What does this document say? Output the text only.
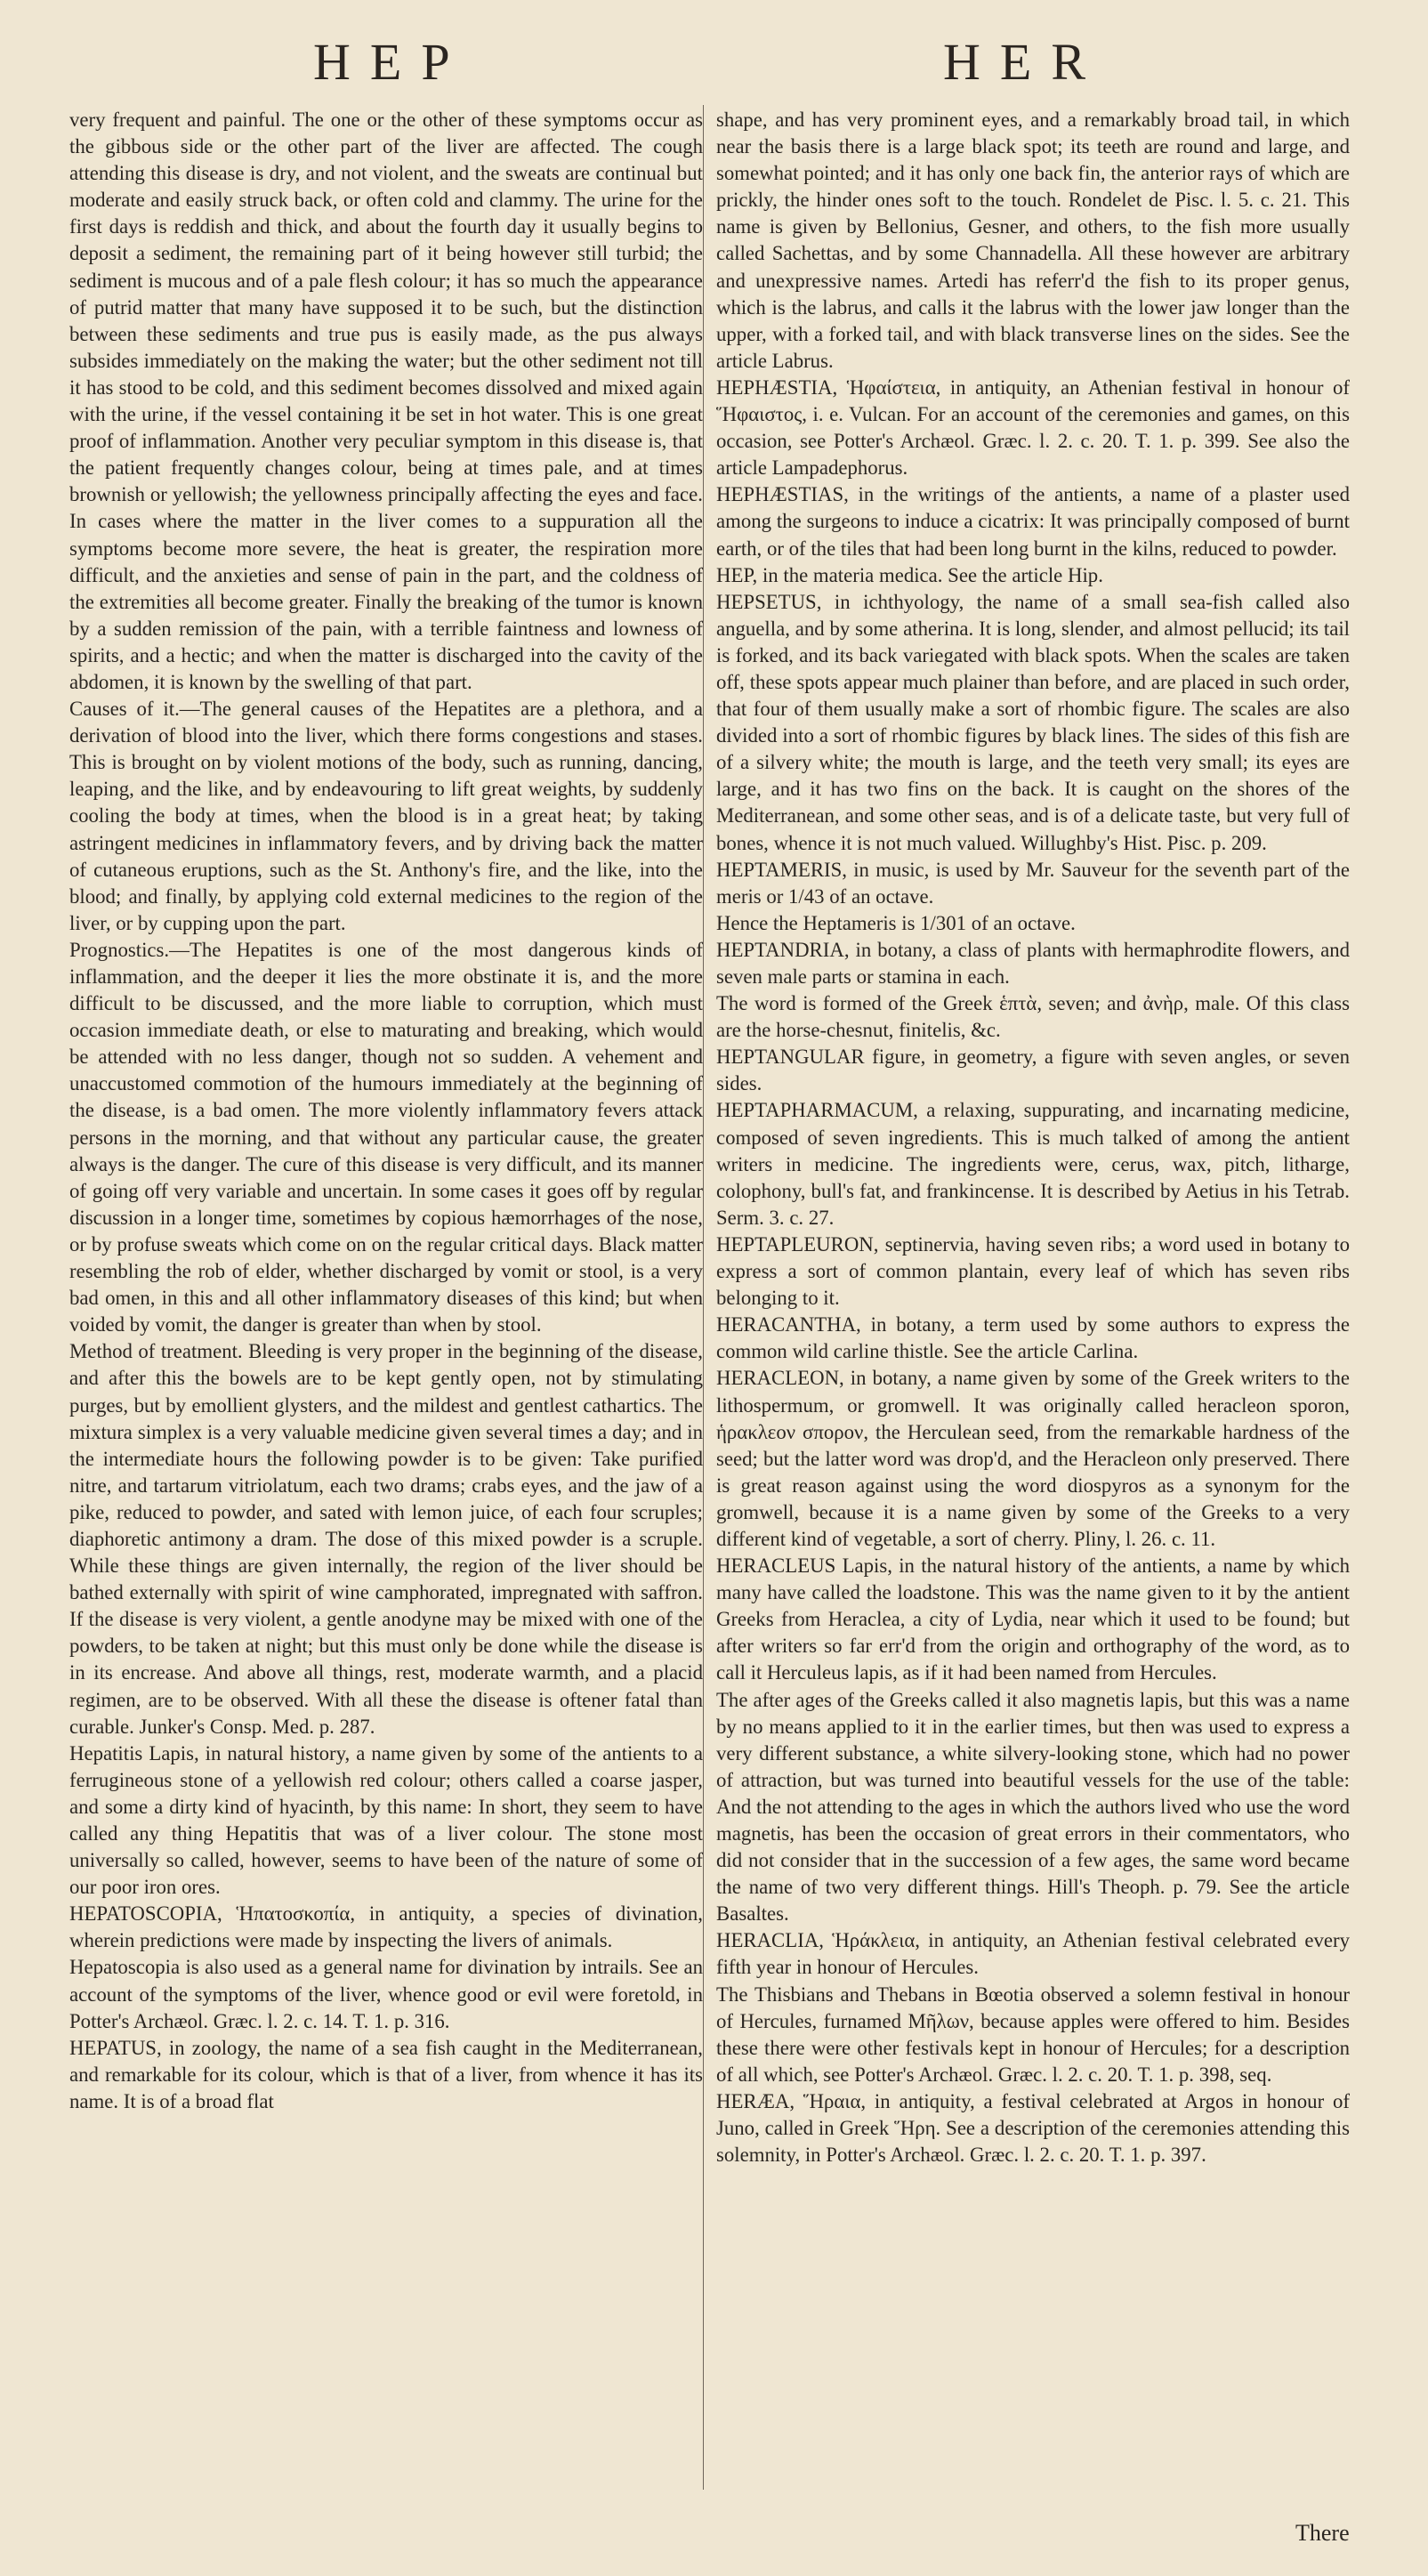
HEP	HER

very frequent and painful. The one or the other of these symptoms occur as the gibbous side or the other part of the liver are affected. The cough attending this disease is dry, and not violent, and the sweats are continual but moderate and easily struck back, or often cold and clammy. The urine for the first days is reddish and thick, and about the fourth day it usually begins to deposit a sediment, the remaining part of it being however still turbid; the sediment is mucous and of a pale flesh colour; it has so much the appearance of putrid matter that many have supposed it to be such, but the distinction between these sediments and true pus is easily made, as the pus always subsides immediately on the making the water; but the other sediment not till it has stood to be cold, and this sediment becomes dissolved and mixed again with the urine, if the vessel containing it be set in hot water. This is one great proof of inflammation. Another very peculiar symptom in this disease is, that the patient frequently changes colour, being at times pale, and at times brownish or yellowish; the yellowness principally affecting the eyes and face. In cases where the matter in the liver comes to a suppuration all the symptoms become more severe, the heat is greater, the respiration more difficult, and the anxieties and sense of pain in the part, and the coldness of the extremities all become greater. Finally the breaking of the tumor is known by a sudden remission of the pain, with a terrible faintness and lowness of spirits, and a hectic; and when the matter is discharged into the cavity of the abdomen, it is known by the swelling of that part.

Causes of it.—The general causes of the Hepatites are a plethora, and a derivation of blood into the liver, which there forms congestions and stases. This is brought on by violent motions of the body, such as running, dancing, leaping, and the like, and by endeavouring to lift great weights, by suddenly cooling the body at times, when the blood is in a great heat; by taking astringent medicines in inflammatory fevers, and by driving back the matter of cutaneous eruptions, such as the St. Anthony's fire, and the like, into the blood; and finally, by applying cold external medicines to the region of the liver, or by cupping upon the part.

Prognostics.—The Hepatites is one of the most dangerous kinds of inflammation, and the deeper it lies the more obstinate it is, and the more difficult to be discussed, and the more liable to corruption, which must occasion immediate death, or else to maturating and breaking, which would be attended with no less danger, though not so sudden. A vehement and unaccustomed commotion of the humours immediately at the beginning of the disease, is a bad omen. The more violently inflammatory fevers attack persons in the morning, and that without any particular cause, the greater always is the danger. The cure of this disease is very difficult, and its manner of going off very variable and uncertain. In some cases it goes off by regular discussion in a longer time, sometimes by copious hæmorrhages of the nose, or by profuse sweats which come on on the regular critical days. Black matter resembling the rob of elder, whether discharged by vomit or stool, is a very bad omen, in this and all other inflammatory diseases of this kind; but when voided by vomit, the danger is greater than when by stool.

Method of treatment. Bleeding is very proper in the beginning of the disease, and after this the bowels are to be kept gently open, not by stimulating purges, but by emollient glysters, and the mildest and gentlest cathartics. The mixtura simplex is a very valuable medicine given several times a day; and in the intermediate hours the following powder is to be given: Take purified nitre, and tartarum vitriolatum, each two drams; crabs eyes, and the jaw of a pike, reduced to powder, and sated with lemon juice, of each four scruples; diaphoretic antimony a dram. The dose of this mixed powder is a scruple. While these things are given internally, the region of the liver should be bathed externally with spirit of wine camphorated, impregnated with saffron. If the disease is very violent, a gentle anodyne may be mixed with one of the powders, to be taken at night; but this must only be done while the disease is in its encrease. And above all things, rest, moderate warmth, and a placid regimen, are to be observed. With all these the disease is oftener fatal than curable. Junker's Consp. Med. p. 287.

Hepatitis Lapis, in natural history, a name given by some of the antients to a ferrugineous stone of a yellowish red colour; others called a coarse jasper, and some a dirty kind of hyacinth, by this name: In short, they seem to have called any thing Hepatitis that was of a liver colour. The stone most universally so called, however, seems to have been of the nature of some of our poor iron ores.

HEPATOSCOPIA, Ἡπατοσκοπία, in antiquity, a species of divination, wherein predictions were made by inspecting the livers of animals.

Hepatoscopia is also used as a general name for divination by intrails. See an account of the symptoms of the liver, whence good or evil were foretold, in Potter's Archæol. Græc. l. 2. c. 14. T. 1. p. 316.

HEPATUS, in zoology, the name of a sea fish caught in the Mediterranean, and remarkable for its colour, which is that of a liver, from whence it has its name. It is of a broad flat

shape, and has very prominent eyes, and a remarkably broad tail, in which near the basis there is a large black spot; its teeth are round and large, and somewhat pointed; and it has only one back fin, the anterior rays of which are prickly, the hinder ones soft to the touch. Rondelet de Pisc. l. 5. c. 21. This name is given by Bellonius, Gesner, and others, to the fish more usually called Sachettas, and by some Channadella. All these however are arbitrary and unexpressive names. Artedi has referr'd the fish to its proper genus, which is the labrus, and calls it the labrus with the lower jaw longer than the upper, with a forked tail, and with black transverse lines on the sides. See the article Labrus.

HEPHÆSTIA, Ἡφαίστεια, in antiquity, an Athenian festival in honour of Ἥφαιστος, i. e. Vulcan. For an account of the ceremonies and games, on this occasion, see Potter's Archæol. Græc. l. 2. c. 20. T. 1. p. 399. See also the article Lampadephorus.

HEPHÆSTIAS, in the writings of the antients, a name of a plaster used among the surgeons to induce a cicatrix: It was principally composed of burnt earth, or of the tiles that had been long burnt in the kilns, reduced to powder.

HEP, in the materia medica. See the article Hip.

HEPSETUS, in ichthyology, the name of a small sea-fish called also anguella, and by some atherina. It is long, slender, and almost pellucid; its tail is forked, and its back variegated with black spots. When the scales are taken off, these spots appear much plainer than before, and are placed in such order, that four of them usually make a sort of rhombic figure. The scales are also divided into a sort of rhombic figures by black lines. The sides of this fish are of a silvery white; the mouth is large, and the teeth very small; its eyes are large, and it has two fins on the back. It is caught on the shores of the Mediterranean, and some other seas, and is of a delicate taste, but very full of bones, whence it is not much valued. Willughby's Hist. Pisc. p. 209.

HEPTAMERIS, in music, is used by Mr. Sauveur for the seventh part of the meris or 1/43 of an octave.

Hence the Heptameris is 1/301 of an octave.

HEPTANDRIA, in botany, a class of plants with hermaphrodite flowers, and seven male parts or stamina in each.

The word is formed of the Greek ἑπτὰ, seven; and ἀνὴρ, male. Of this class are the horse-chesnut, finitelis, &c.

HEPTANGULAR figure, in geometry, a figure with seven angles, or seven sides.

HEPTAPHARMACUM, a relaxing, suppurating, and incarnating medicine, composed of seven ingredients. This is much talked of among the antient writers in medicine. The ingredients were, cerus, wax, pitch, litharge, colophony, bull's fat, and frankincense. It is described by Aetius in his Tetrab. Serm. 3. c. 27.

HEPTAPLEURON, septinervia, having seven ribs; a word used in botany to express a sort of common plantain, every leaf of which has seven ribs belonging to it.

HERACANTHA, in botany, a term used by some authors to express the common wild carline thistle. See the article Carlina.

HERACLEON, in botany, a name given by some of the Greek writers to the lithospermum, or gromwell. It was originally called heracleon sporon, ἡρακλεον σπορον, the Herculean seed, from the remarkable hardness of the seed; but the latter word was drop'd, and the Heracleon only preserved. There is great reason against using the word diospyros as a synonym for the gromwell, because it is a name given by some of the Greeks to a very different kind of vegetable, a sort of cherry. Pliny, l. 26. c. 11.

HERACLEUS Lapis, in the natural history of the antients, a name by which many have called the loadstone. This was the name given to it by the antient Greeks from Heraclea, a city of Lydia, near which it used to be found; but after writers so far err'd from the origin and orthography of the word, as to call it Herculeus lapis, as if it had been named from Hercules.

The after ages of the Greeks called it also magnetis lapis, but this was a name by no means applied to it in the earlier times, but then was used to express a very different substance, a white silvery-looking stone, which had no power of attraction, but was turned into beautiful vessels for the use of the table: And the not attending to the ages in which the authors lived who use the word magnetis, has been the occasion of great errors in their commentators, who did not consider that in the succession of a few ages, the same word became the name of two very different things. Hill's Theoph. p. 79. See the article Basaltes.

HERACLIA, Ἡράκλεια, in antiquity, an Athenian festival celebrated every fifth year in honour of Hercules.

The Thisbians and Thebans in Bœotia observed a solemn festival in honour of Hercules, furnamed Μῆλων, because apples were offered to him. Besides these there were other festivals kept in honour of Hercules; for a description of all which, see Potter's Archæol. Græc. l. 2. c. 20. T. 1. p. 398, seq.

HERÆA, Ἥραια, in antiquity, a festival celebrated at Argos in honour of Juno, called in Greek Ἥρη. See a description of the ceremonies attending this solemnity, in Potter's Archæol. Græc. l. 2. c. 20. T. 1. p. 397.

There
